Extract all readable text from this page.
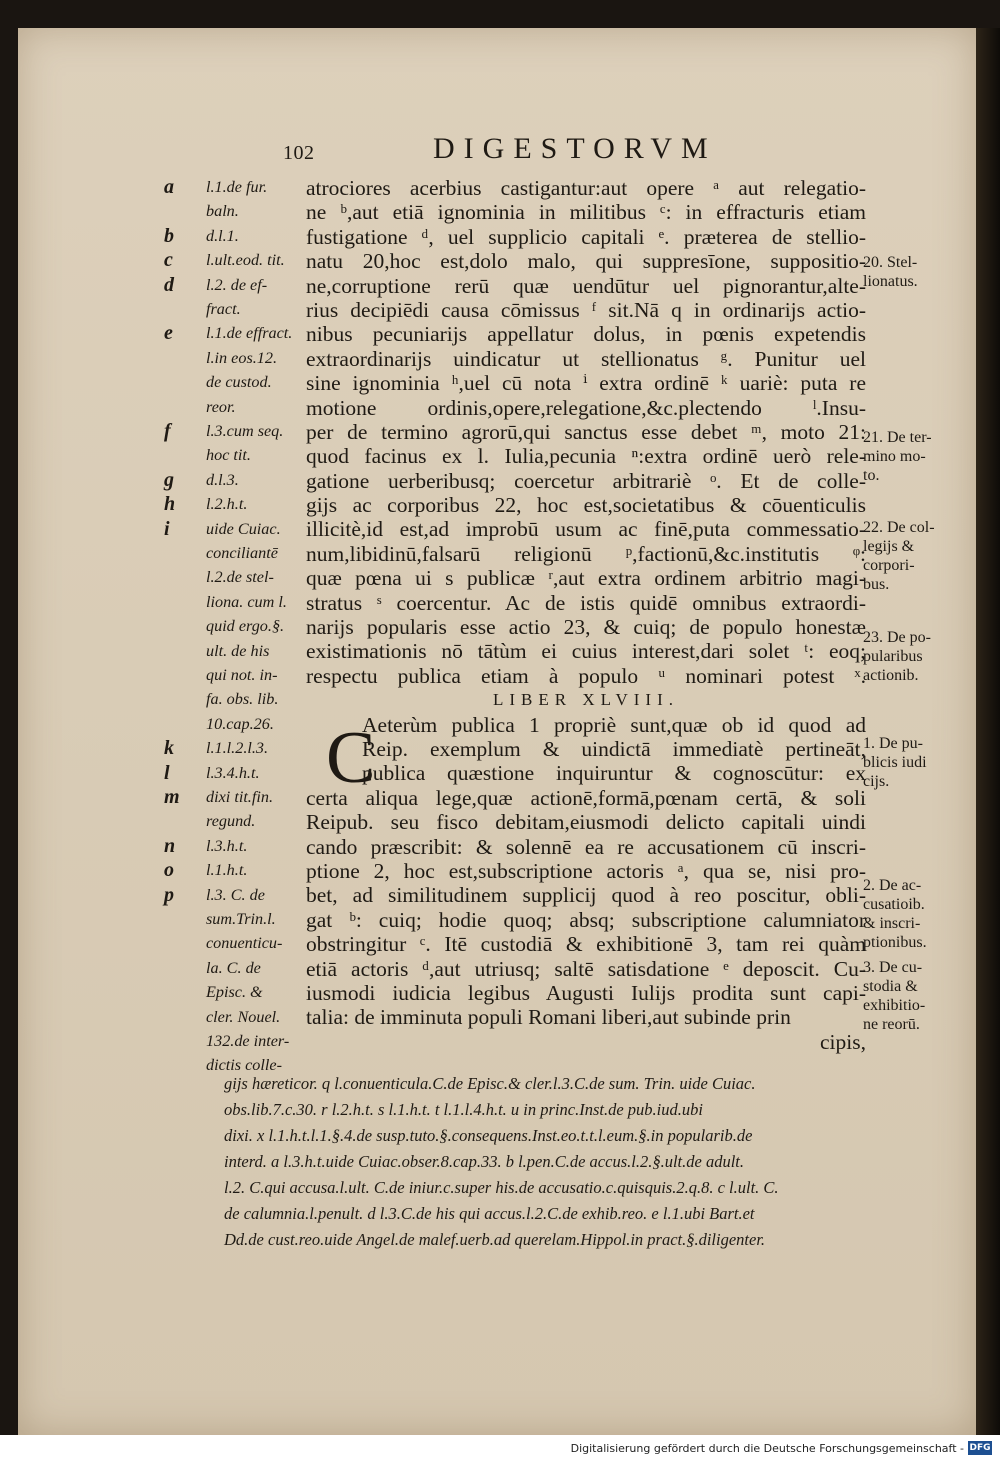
102	DIGESTORVM
a	l.1.de fur.
baln.
b	d.l.1.
c	l.ult.eod. tit.
d	l.2. de ef-
fract.
e	l.1.de effract.
l.in eos.12.
de custod.
reor.
f	l.3.cum seq.
hoc tit.
g	d.l.3.
h	l.2.h.t.
i	uide Cuiac.
conciliantē
l.2.de stel-
liona. cum l.
quid ergo.§.
ult. de his
qui not. in-
fa. obs. lib.
10.cap.26.
k	l.1.l.2.l.3.
l	l.3.4.h.t.
m dixi tit.fin.
regund.
n	l.3.h.t.
o	l.1.h.t.
p	l.3. C. de
sum.Trin.l.
conuenticu-
la. C. de
Episc. &
cler. Nouel.
132.de inter-
dictis colle-
atrociores acerbius castigantur:aut opere ᵃ aut relegatio-
ne ᵇ,aut etiā ignominia in militibus ᶜ: in effracturis etiam
fustigatione ᵈ, uel supplicio capitali ᵉ. præterea de stellio-
natu 20,hoc est,dolo malo, qui suppresīone, suppositio-
ne,corruptione rerū quæ uendūtur uel pignorantur,alte-
rius decipiēdi causa cōmissus ᶠ sit.Nā q in ordinarijs actio-
nibus pecuniarijs appellatur dolus, in pœnis expetendis
extraordinarijs uindicatur ut stellionatus ᵍ. Punitur uel
sine ignominia ʰ,uel cū nota ⁱ extra ordinē ᵏ uariè: puta re
motione ordinis,opere,relegatione,&c.plectendo ˡ.Insu-
per de termino agrorū,qui sanctus esse debet ᵐ, moto 21:
quod facinus ex l. Iulia,pecunia ⁿ:extra ordinē uerò rele-
gatione uerberibusq; coercetur arbitrariè ᵒ. Et de colle-
gijs ac corporibus 22, hoc est,societatibus & cōuenticulis
illicitè,id est,ad improbū usum ac finē,puta commessatio-
num,libidinū,falsarū religionū ᵖ,factionū,&c.institutis ᵠ:
quæ pœna ui s publicæ ʳ,aut extra ordinem arbitrio magi-
stratus ˢ coercentur. Ac de istis quidē omnibus extraordi-
narijs popularis esse actio 23, & cuiq; de populo honestæ
existimationis nō tātùm ei cuius interest,dari solet ᵗ: eoq;
respectu publica etiam à populo ᵘ nominari potest ˣ.
LIBER XLVIII.
Aeterùm publica 1 propriè sunt,quæ ob id quod ad
Reip. exemplum & uindictā immediatè pertineāt,
publica quæstione inquiruntur & cognoscūtur: ex
certa aliqua lege,quæ actionē,formā,pœnam certā, & soli
Reipub. seu fisco debitam,eiusmodi delicto capitali uindi
cando præscribit: & solennē ea re accusationem cū inscri-
ptione 2, hoc est,subscriptione actoris ᵃ, qua se, nisi pro-
bet, ad similitudinem supplicij quod à reo poscitur, obli-
gat ᵇ: cuiq; hodie quoq; absq; subscriptione calumniator
obstringitur ᶜ. Itē custodiā & exhibitionē 3, tam rei quàm
etiā actoris ᵈ,aut utriusq; saltē satisdatione ᵉ deposcit. Cu-
iusmodi iudicia legibus Augusti Iulijs prodita sunt capi-
talia: de imminuta populi Romani liberi,aut subinde prin
cipis,
C
20. Stel-
lionatus.
21. De ter-
mino mo-
to.
22. De col-
legijs &
corpori-
bus.
23. De po-
pularibus
actionib.
1. De pu-
blicis iudi
cijs.
2. De ac-
cusatioib.
& inscri-
ptionibus.
3. De cu-
stodia &
exhibitio-
ne reorū.
gijs hæreticor. q l.conuenticula.C.de Episc.& cler.l.3.C.de sum. Trin. uide Cuiac.
obs.lib.7.c.30. r l.2.h.t. s l.1.h.t. t l.1.l.4.h.t. u in princ.Inst.de pub.iud.ubi
dixi. x l.1.h.t.l.1.§.4.de susp.tuto.§.consequens.Inst.eo.t.t.l.eum.§.in popularib.de
interd. a l.3.h.t.uide Cuiac.obser.8.cap.33. b l.pen.C.de accus.l.2.§.ult.de adult.
l.2. C.qui accusa.l.ult. C.de iniur.c.super his.de accusatio.c.quisquis.2.q.8. c l.ult. C.
de calumnia.l.penult. d l.3.C.de his qui accus.l.2.C.de exhib.reo. e l.1.ubi Bart.et
Dd.de cust.reo.uide Angel.de malef.uerb.ad querelam.Hippol.in pract.§.diligenter.
Digitalisierung gefördert durch die Deutsche Forschungsgemeinschaft - DFG
